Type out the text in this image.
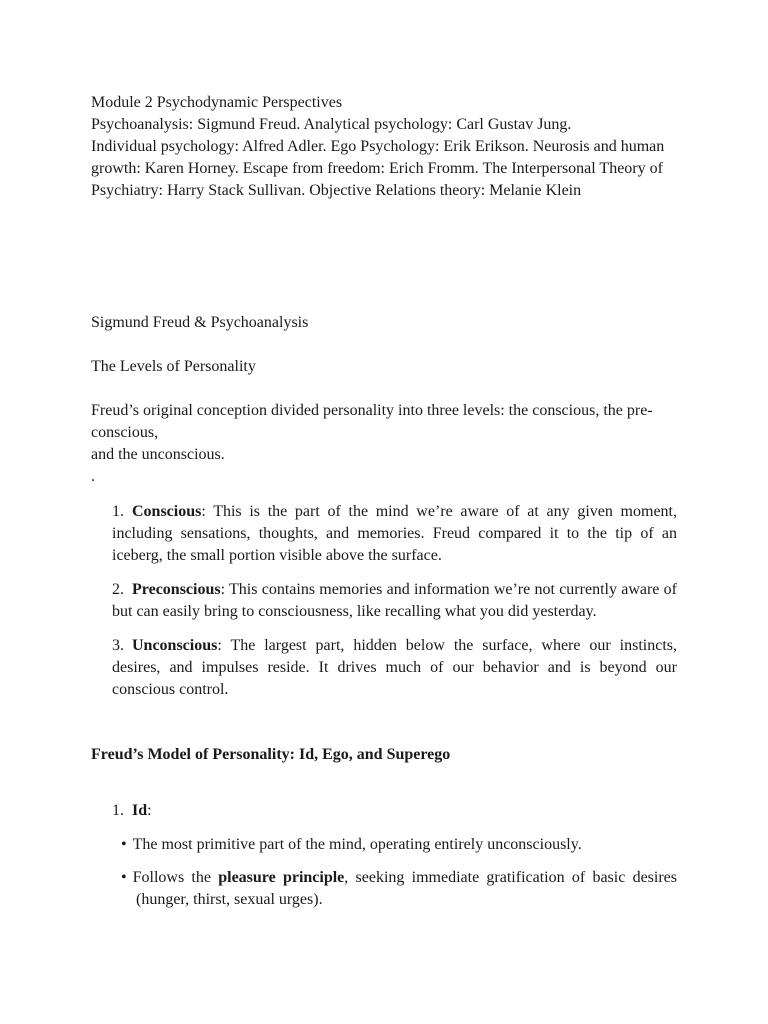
Module 2 Psychodynamic Perspectives

Psychoanalysis: Sigmund Freud. Analytical psychology: Carl Gustav Jung.

Individual psychology: Alfred Adler. Ego Psychology: Erik Erikson. Neurosis and human growth: Karen Horney. Escape from freedom: Erich Fromm. The Interpersonal Theory of Psychiatry: Harry Stack Sullivan. Objective Relations theory: Melanie Klein

Sigmund Freud & Psychoanalysis

The Levels of Personality

Freud’s original conception divided personality into three levels: the conscious, the pre-conscious,

and the unconscious.

.

1. Conscious: This is the part of the mind we’re aware of at any given moment, including sensations, thoughts, and memories. Freud compared it to the tip of an iceberg, the small portion visible above the surface.
2. Preconscious: This contains memories and information we’re not currently aware of but can easily bring to consciousness, like recalling what you did yesterday.
3. Unconscious: The largest part, hidden below the surface, where our instincts, desires, and impulses reside. It drives much of our behavior and is beyond our conscious control.

Freud’s Model of Personality: Id, Ego, and Superego

1. Id:

• The most primitive part of the mind, operating entirely unconsciously.
• Follows the pleasure principle, seeking immediate gratification of basic desires (hunger, thirst, sexual urges).
